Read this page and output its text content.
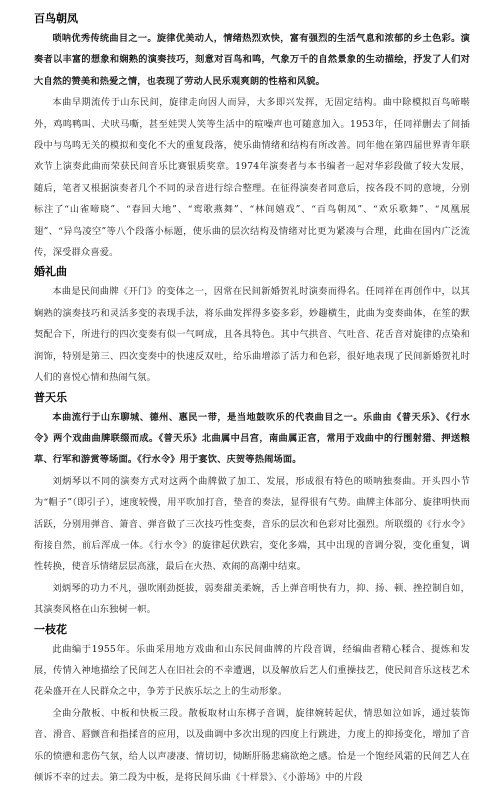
百鸟朝凤

唢呐优秀传统曲目之一。旋律优美动人，情绪热烈欢快，富有强烈的生活气息和浓郁的乡土色彩。演奏者以丰富的想象和娴熟的演奏技巧，刻意对百鸟和鸣，气象万千的自然景象的生动描绘，抒发了人们对大自然的赞美和热爱之情，也表现了劳动人民乐观爽朗的性格和风貌。

本曲早期流传于山东民间，旋律走向因人而异，大多即兴发挥，无固定结构。曲中除模拟百鸟啼啭外，鸡鸣鸭叫、犬吠马嘶，甚至娃哭人笑等生活中的喧噪声也可随意加入。1953年，任同祥删去了间插段中与鸟鸣无关的模拟和变化不大的重复段落，使乐曲情绪和结构有所改善。同年他在第四届世界青年联欢节上演奏此曲而荣获民间音乐比赛银质奖章。1974年演奏者与本书编者一起对华彩段做了较大发展，随后，笔者又根据演奏者几个不同的录音进行综合整理。在征得演奏者同意后，按各段不同的意境，分别标注了“山雀啼晓”、“春回大地”、“鸾歌燕舞”、“林间嬉戏”、“百鸟朝凤”、“欢乐歌舞”、“凤凰展翅”、“异鸟凌空”等八个段落小标题，使乐曲的层次结构及情绪对比更为紧凑与合理，此曲在国内广泛流传，深受群众喜爱。

婚礼曲

本曲是民间曲牌《开门》的变体之一，因常在民间新婚贺礼时演奏而得名。任同祥在再创作中，以其娴熟的演奏技巧和灵活多变的表现手法，将乐曲发挥得多姿多彩，妙趣横生，此曲为变奏曲体，在笙的默契配合下，所进行的四次变奏有似一气呵成，且各具特色。其中气拱音、气吐音、花舌音对旋律的点染和润饰，特别是第三、四次变奏中的快速反双吐，给乐曲增添了活力和色彩，很好地表现了民间新婚贺礼时人们的喜悦心情和热闹气氛。

普天乐

本曲流行于山东聊城、德州、惠民一带，是当地鼓吹乐的代表曲目之一。乐曲由《普天乐》、《行水令》两个戏曲曲牌联缀而成。《普天乐》北曲属中吕宫，南曲属正宫，常用于戏曲中的行围射猎、押送粮草、行军和游赏等场面。《行水令》用于宴饮、庆贺等热闹场面。

刘炳琴以不同的演奏方式对这两个曲牌做了加工、发展，形成很有特色的唢呐独奏曲。开头四小节为“帽子”（即引子），速度较慢，用平吹加打音，垫音的奏法，显得很有气势。曲牌主体部分、旋律明快而活跃，分别用弹音、箫音、弹音做了三次技巧性变奏，音乐的层次和色彩对比强烈。所联缀的《行水令》衔接自然，前后浑成一体。《行水令》的旋律起伏跌宕，变化多端，其中出现的音调分裂，变化重复，调性转换，使音乐情绪层层高涨，最后在火热、欢闹的高潮中结束。

刘炳琴的功力不凡，强吹刚劲挺拔，弱奏甜美柔婉，舌上弹音明快有力，抑、扬、顿、挫控制自如，其演奏风格在山东独树一帜。

一枝花

此曲编于1955年。乐曲采用地方戏曲和山东民间曲牌的片段音调，经编曲者精心糅合、提炼和发展，传情入神地描绘了民间艺人在旧社会的不幸遭遇，以及解放后艺人们重操技艺，使民间音乐这枝艺术花朵盛开在人民群众之中，争芳于民族乐坛之上的生动形象。

全曲分散板、中板和快板三段。散板取材山东梆子音调，旋律婉转起伏，情思如泣如诉，通过装饰音、滑音、唇颤音和指揉音的应用，以及曲调中多次出现的四度上行跳进，力度上的抑扬变化，增加了音乐的愤懑和悲伤气氛，给人以声凄凄、情切切，恸断肝肠悲痛欲绝之感。恰是一个饱经风霜的民间艺人在倾诉不幸的过去。第二段为中板，是将民间乐曲《十样景》、《小游场》中的片段
